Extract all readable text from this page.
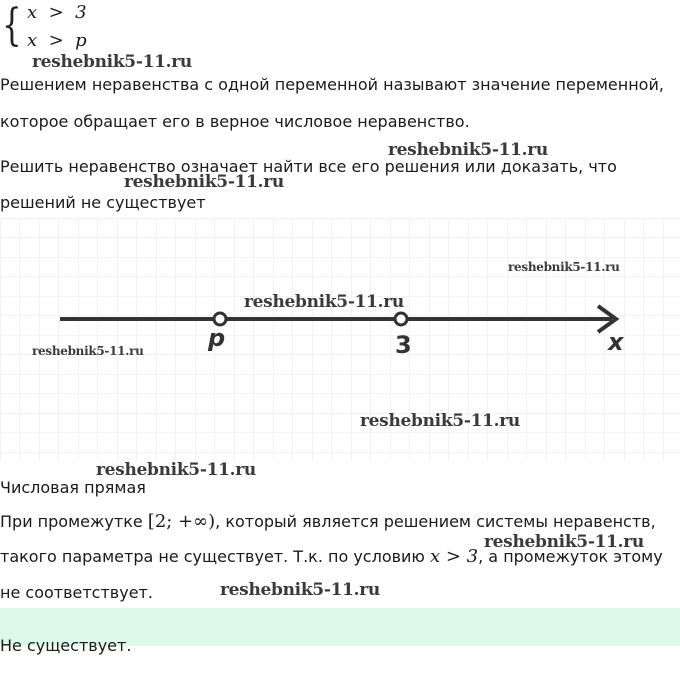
{ x  >  3
x  >  p

Решением неравенства с одной переменной называют значение переменной,

которое обращает его в верное числовое неравенство.

Решить неравенство означает найти все его решения или доказать, что

решений не существует

p	3	x

Числовая прямая

При промежутке [2; +∞), который является решением системы неравенств,

такого параметра не существует. Т.к. по условию x > 3, а промежуток этому

не соответствует.

Не существует.

reshebnik5-11.ru
reshebnik5-11.ru
reshebnik5-11.ru
reshebnik5-11.ru
reshebnik5-11.ru
reshebnik5-11.ru
reshebnik5-11.ru
reshebnik5-11.ru
reshebnik5-11.ru
reshebnik5-11.ru
